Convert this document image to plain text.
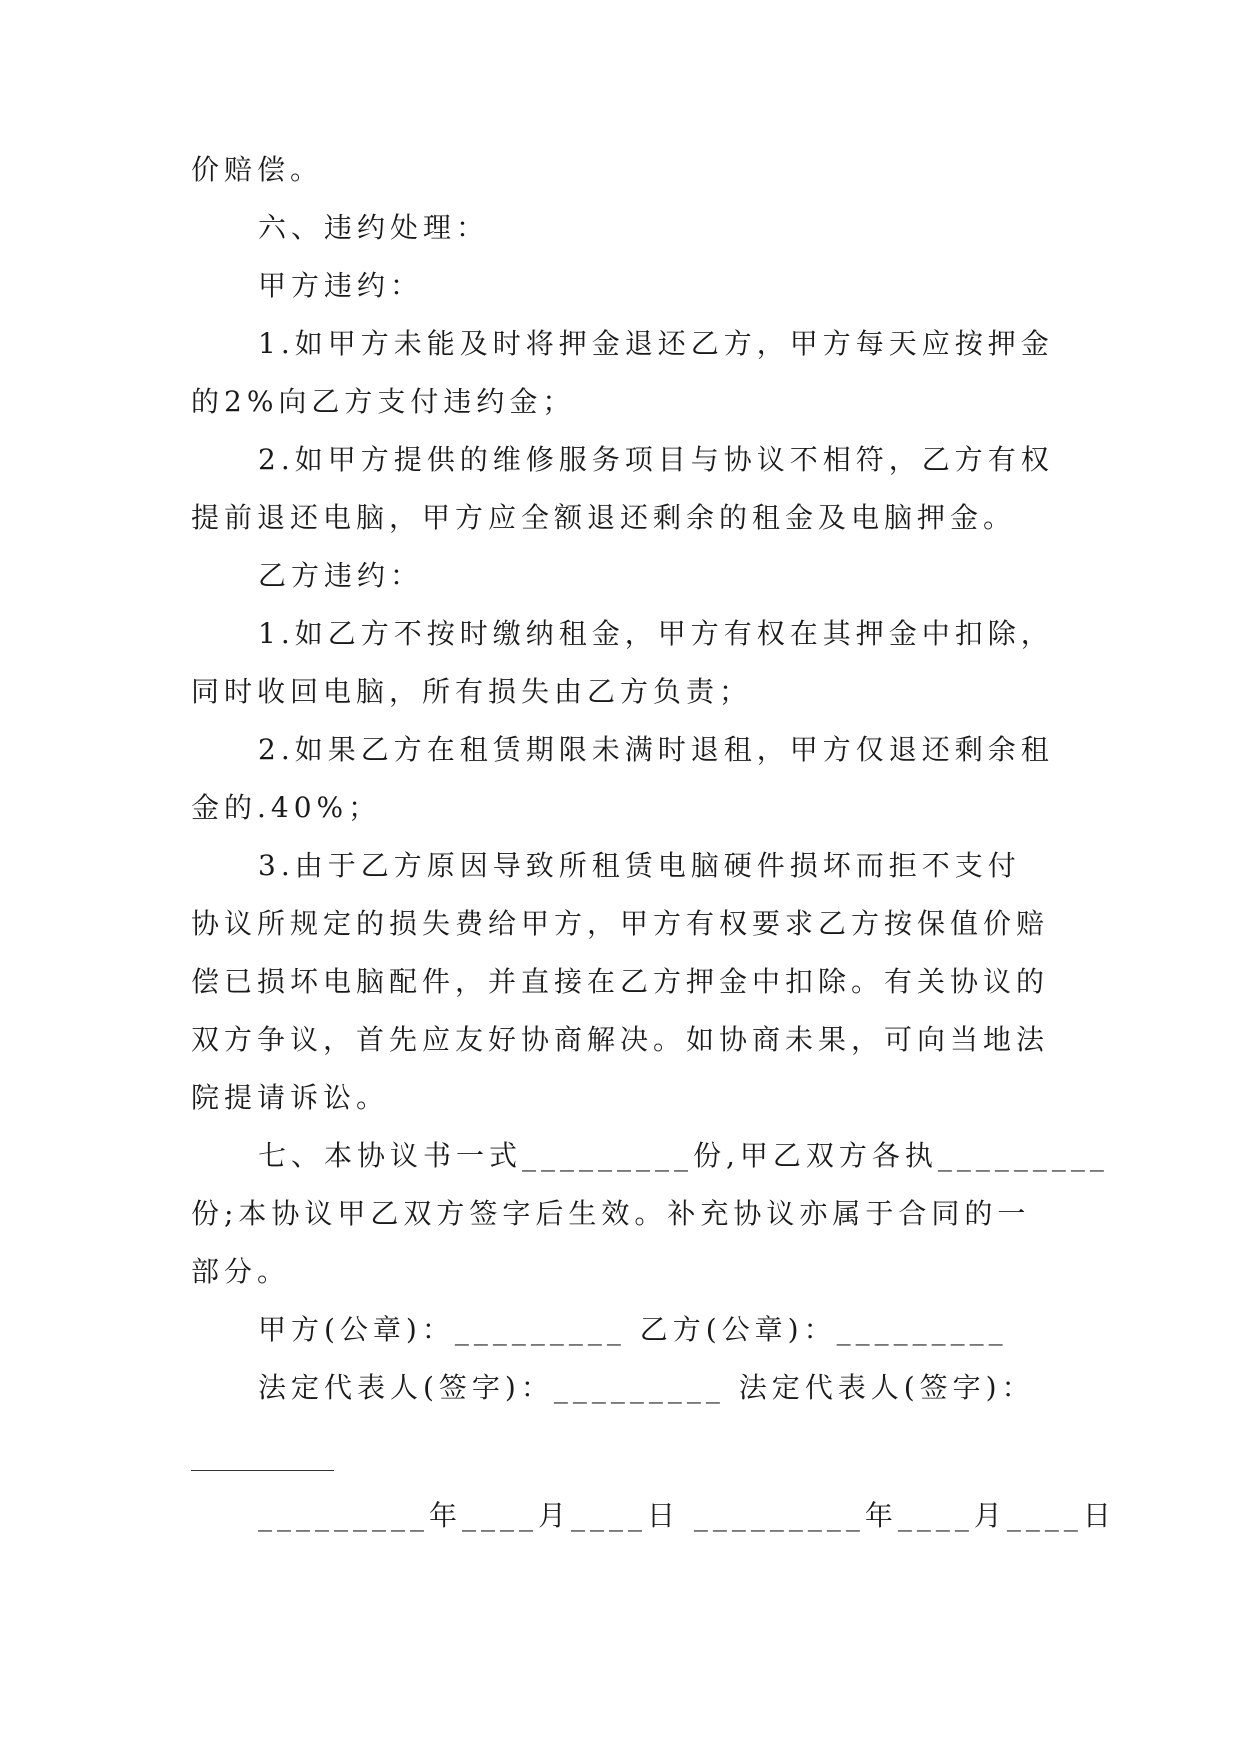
价赔偿。
六、违约处理：
甲方违约：
1.如甲方未能及时将押金退还乙方，甲方每天应按押金
的2%向乙方支付违约金；
2.如甲方提供的维修服务项目与协议不相符，乙方有权
提前退还电脑，甲方应全额退还剩余的租金及电脑押金。
乙方违约：
1.如乙方不按时缴纳租金，甲方有权在其押金中扣除，
同时收回电脑，所有损失由乙方负责；
2.如果乙方在租赁期限未满时退租，甲方仅退还剩余租
金的.40%；
3.由于乙方原因导致所租赁电脑硬件损坏而拒不支付
协议所规定的损失费给甲方，甲方有权要求乙方按保值价赔
偿已损坏电脑配件，并直接在乙方押金中扣除。有关协议的
双方争议，首先应友好协商解决。如协商未果，可向当地法
院提请诉讼。
七、本协议书一式_________份,甲乙双方各执_________
份;本协议甲乙双方签字后生效。补充协议亦属于合同的一
部分。
甲方(公章)：_________ 乙方(公章)：_________
法定代表人(签字)：_________ 法定代表人(签字)：
_________年____月____日 _________年____月____日
